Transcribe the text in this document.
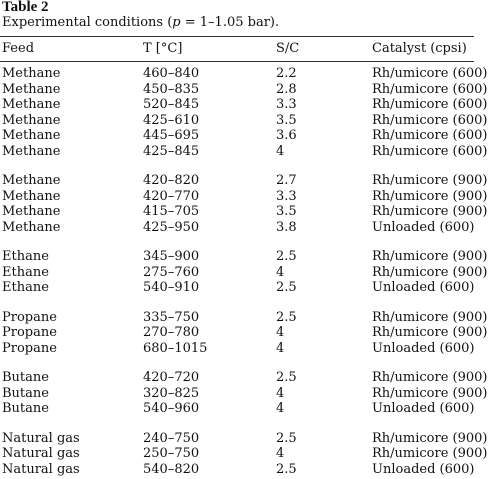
Table 2
Experimental conditions (p = 1–1.05 bar).
Feed	T [°C]	S/C	Catalyst (cpsi)
Methane	460–840	2.2	Rh/umicore (600)
Methane	450–835	2.8	Rh/umicore (600)
Methane	520–845	3.3	Rh/umicore (600)
Methane	425–610	3.5	Rh/umicore (600)
Methane	445–695	3.6	Rh/umicore (600)
Methane	425–845	4	Rh/umicore (600)
Methane	420–820	2.7	Rh/umicore (900)
Methane	420–770	3.3	Rh/umicore (900)
Methane	415–705	3.5	Rh/umicore (900)
Methane	425–950	3.8	Unloaded (600)
Ethane	345–900	2.5	Rh/umicore (900)
Ethane	275–760	4	Rh/umicore (900)
Ethane	540–910	2.5	Unloaded (600)
Propane	335–750	2.5	Rh/umicore (900)
Propane	270–780	4	Rh/umicore (900)
Propane	680–1015	4	Unloaded (600)
Butane	420–720	2.5	Rh/umicore (900)
Butane	320–825	4	Rh/umicore (900)
Butane	540–960	4	Unloaded (600)
Natural gas	240–750	2.5	Rh/umicore (900)
Natural gas	250–750	4	Rh/umicore (900)
Natural gas	540–820	2.5	Unloaded (600)
